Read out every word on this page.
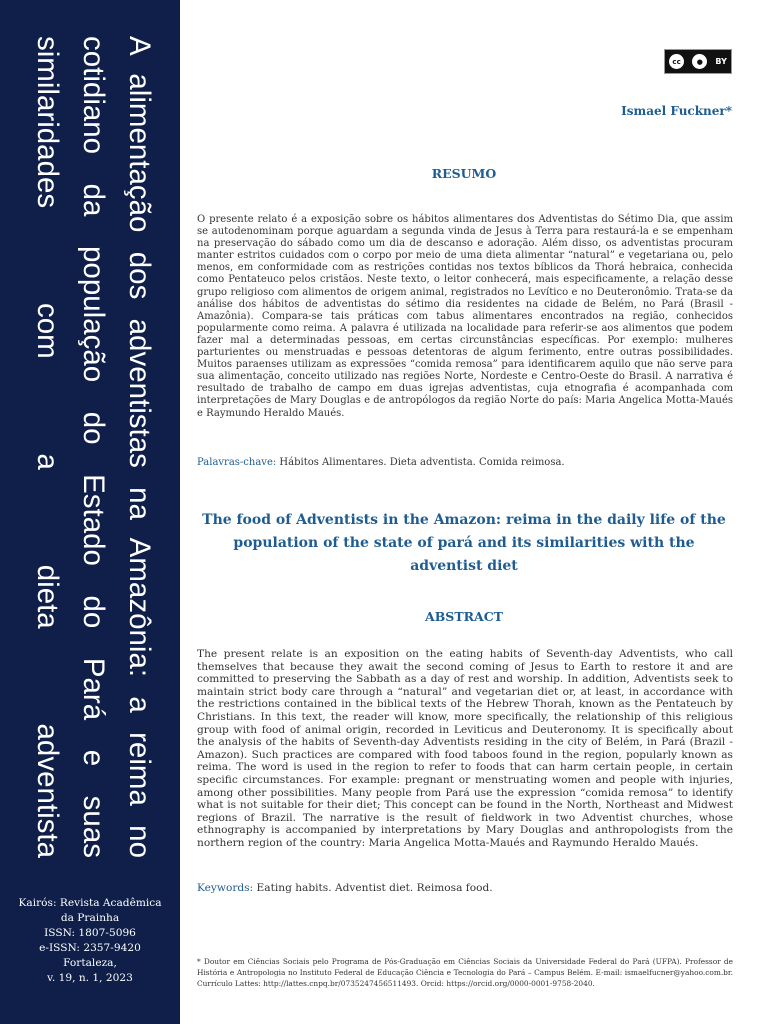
A alimentação dos adventistas na Amazônia: a reima no cotidiano da população do Estado do Pará e suas similaridades com a dieta adventista
Kairós: Revista Acadêmica
da Prainha
ISSN: 1807-5096
e-ISSN: 2357-9420
Fortaleza,
v. 19, n. 1, 2023
cc	●	BY
Ismael Fuckner*
RESUMO
O presente relato é a exposição sobre os hábitos alimentares dos Adventistas do Sétimo Dia, que assim se autodenominam porque aguardam a segunda vinda de Jesus à Terra para restaurá-la e se empenham na preservação do sábado como um dia de descanso e adoração. Além disso, os adventistas procuram manter estritos cuidados com o corpo por meio de uma dieta alimentar “natural” e vegetariana ou, pelo menos, em conformidade com as restrições contidas nos textos bíblicos da Thorá hebraica, conhecida como Pentateuco pelos cristãos. Neste texto, o leitor conhecerá, mais especificamente, a relação desse grupo religioso com alimentos de origem animal, registrados no Levítico e no Deuteronômio. Trata-se da análise dos hábitos de adventistas do sétimo dia residentes na cidade de Belém, no Pará (Brasil - Amazônia). Compara-se tais práticas com tabus alimentares encontrados na região, conhecidos popularmente como reima. A palavra é utilizada na localidade para referir-se aos alimentos que podem fazer mal a determinadas pessoas, em certas circunstâncias específicas. Por exemplo: mulheres parturientes ou menstruadas e pessoas detentoras de algum ferimento, entre outras possibilidades. Muitos paraenses utilizam as expressões “comida remosa” para identificarem aquilo que não serve para sua alimentação, conceito utilizado nas regiões Norte, Nordeste e Centro-Oeste do Brasil. A narrativa é resultado de trabalho de campo em duas igrejas adventistas, cuja etnografia é acompanhada com interpretações de Mary Douglas e de antropólogos da região Norte do país: Maria Angelica Motta-Maués e Raymundo Heraldo Maués.
Palavras-chave: Hábitos Alimentares. Dieta adventista. Comida reimosa.
The food of Adventists in the Amazon: reima in the daily life of the population of the state of pará and its similarities with the adventist diet
ABSTRACT
The present relate is an exposition on the eating habits of Seventh-day Adventists, who call themselves that because they await the second coming of Jesus to Earth to restore it and are committed to preserving the Sabbath as a day of rest and worship. In addition, Adventists seek to maintain strict body care through a “natural” and vegetarian diet or, at least, in accordance with the restrictions contained in the biblical texts of the Hebrew Thorah, known as the Pentateuch by Christians. In this text, the reader will know, more specifically, the relationship of this religious group with food of animal origin, recorded in Leviticus and Deuteronomy. It is specifically about the analysis of the habits of Seventh-day Adventists residing in the city of Belém, in Pará (Brazil - Amazon). Such practices are compared with food taboos found in the region, popularly known as reima. The word is used in the region to refer to foods that can harm certain people, in certain specific circumstances. For example: pregnant or menstruating women and people with injuries, among other possibilities. Many people from Pará use the expression “comida remosa” to identify what is not suitable for their diet; This concept can be found in the North, Northeast and Midwest regions of Brazil. The narrative is the result of fieldwork in two Adventist churches, whose ethnography is accompanied by interpretations by Mary Douglas and anthropologists from the northern region of the country: Maria Angelica Motta-Maués and Raymundo Heraldo Maués.
Keywords: Eating habits. Adventist diet. Reimosa food.
* Doutor em Ciências Sociais pelo Programa de Pós-Graduação em Ciências Sociais da Universidade Federal do Pará (UFPA). Professor de História e Antropologia no Instituto Federal de Educação Ciência e Tecnologia do Pará – Campus Belém. E-mail: ismaelfucner@yahoo.com.br. Currículo Lattes: http://lattes.cnpq.br/0735247456511493. Orcid: https://orcid.org/0000-0001-9758-2040.
